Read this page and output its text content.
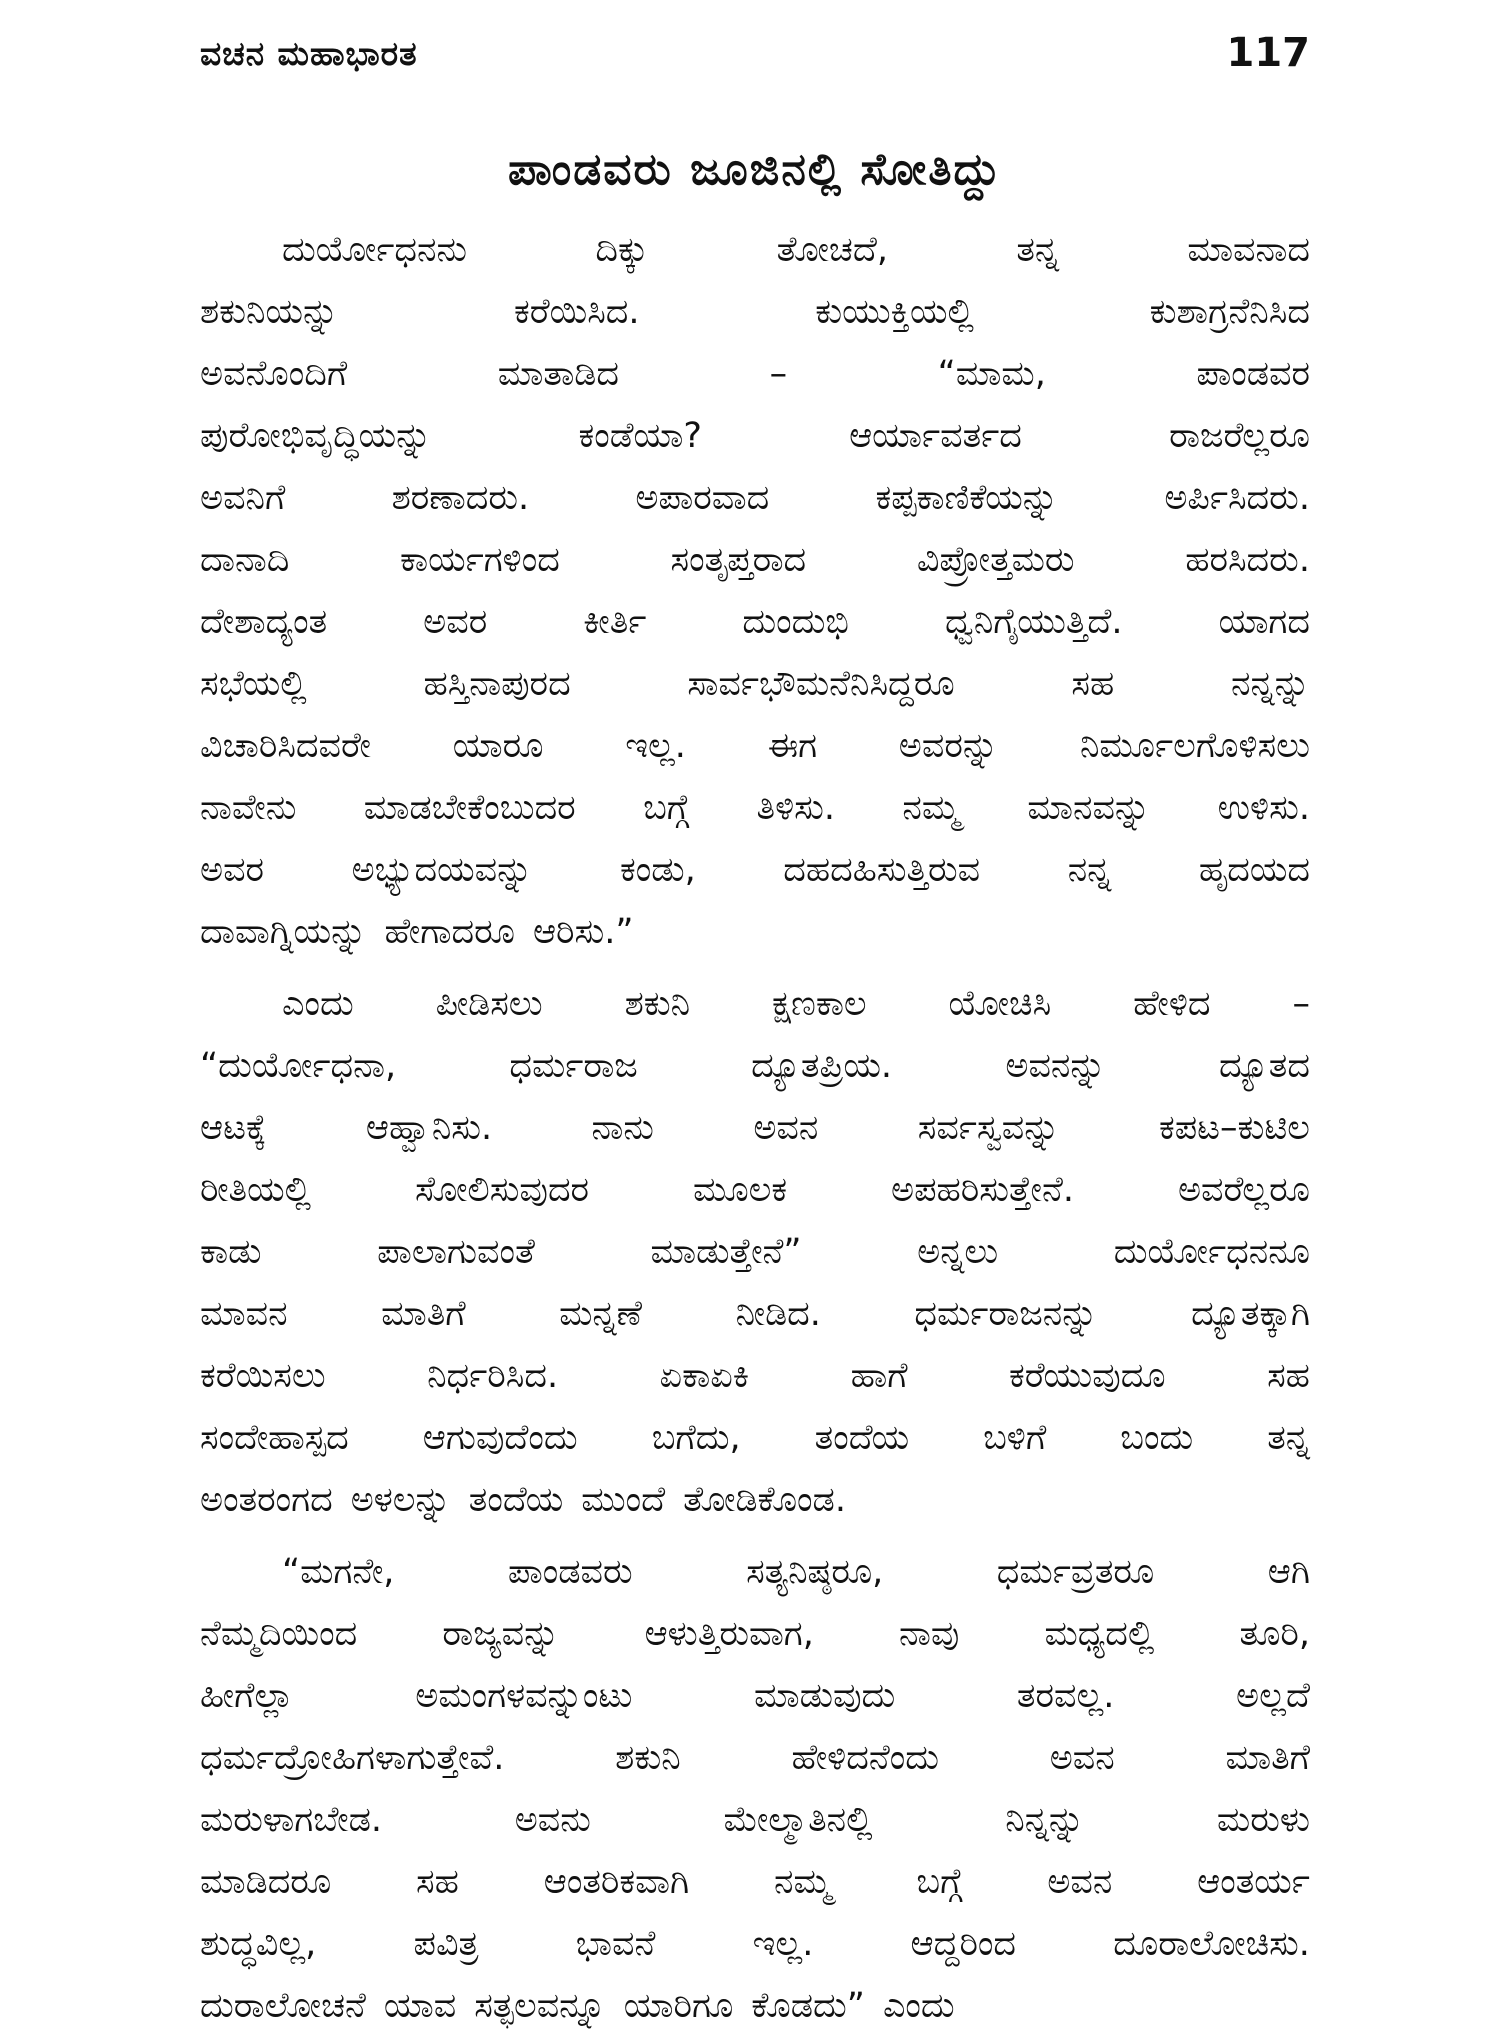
ವಚನ ಮಹಾಭಾರತ	117
ಪಾಂಡವರು ಜೂಜಿನಲ್ಲಿ ಸೋತಿದ್ದು
ದುರ್ಯೋಧನನು	ದಿಕ್ಕು	ತೋಚದೆ,	ತನ್ನ	ಮಾವನಾದ
ಶಕುನಿಯನ್ನು	ಕರೆಯಿಸಿದ.	ಕುಯುಕ್ತಿಯಲ್ಲಿ	ಕುಶಾಗ್ರನೆನಿಸಿದ
ಅವನೊಂದಿಗೆ	ಮಾತಾಡಿದ	–	“ಮಾಮ,	ಪಾಂಡವರ
ಪುರೋಭಿವೃದ್ಧಿಯನ್ನು	ಕಂಡೆಯಾ?	ಆರ್ಯಾವರ್ತದ	ರಾಜರೆಲ್ಲರೂ
ಅವನಿಗೆ	ಶರಣಾದರು.	ಅಪಾರವಾದ	ಕಪ್ಪಕಾಣಿಕೆಯನ್ನು	ಅರ್ಪಿಸಿದರು.
ದಾನಾದಿ	ಕಾರ್ಯಗಳಿಂದ	ಸಂತೃಪ್ತರಾದ	ವಿಪ್ರೋತ್ತಮರು	ಹರಸಿದರು.
ದೇಶಾದ್ಯಂತ	ಅವರ	ಕೀರ್ತಿ	ದುಂದುಭಿ	ಧ್ವನಿಗೈಯುತ್ತಿದೆ.	ಯಾಗದ
ಸಭೆಯಲ್ಲಿ	ಹಸ್ತಿನಾಪುರದ	ಸಾರ್ವಭೌಮನೆನಿಸಿದ್ದರೂ	ಸಹ	ನನ್ನನ್ನು
ವಿಚಾರಿಸಿದವರೇ ಯಾರೂ ಇಲ್ಲ. ಈಗ ಅವರನ್ನು ನಿರ್ಮೂಲಗೊಳಿಸಲು
ನಾವೇನು ಮಾಡಬೇಕೆಂಬುದರ ಬಗ್ಗೆ ತಿಳಿಸು. ನಮ್ಮ ಮಾನವನ್ನು ಉಳಿಸು.
ಅವರ	ಅಭ್ಯುದಯವನ್ನು	ಕಂಡು,	ದಹದಹಿಸುತ್ತಿರುವ	ನನ್ನ	ಹೃದಯದ
ದಾವಾಗ್ನಿಯನ್ನು ಹೇಗಾದರೂ ಆರಿಸು.”
ಎಂದು ಪೀಡಿಸಲು ಶಕುನಿ ಕ್ಷಣಕಾಲ ಯೋಚಿಸಿ ಹೇಳಿದ –
“ದುರ್ಯೋಧನಾ,	ಧರ್ಮರಾಜ	ದ್ಯೂತಪ್ರಿಯ.	ಅವನನ್ನು	ದ್ಯೂತದ
ಆಟಕ್ಕೆ	ಆಹ್ವಾನಿಸು.	ನಾನು	ಅವನ	ಸರ್ವಸ್ವವನ್ನು	ಕಪಟ–ಕುಟಿಲ
ರೀತಿಯಲ್ಲಿ	ಸೋಲಿಸುವುದರ	ಮೂಲಕ	ಅಪಹರಿಸುತ್ತೇನೆ.	ಅವರೆಲ್ಲರೂ
ಕಾಡು	ಪಾಲಾಗುವಂತೆ	ಮಾಡುತ್ತೇನೆ”	ಅನ್ನಲು	ದುರ್ಯೋಧನನೂ
ಮಾವನ	ಮಾತಿಗೆ	ಮನ್ನಣೆ	ನೀಡಿದ.	ಧರ್ಮರಾಜನನ್ನು	ದ್ಯೂತಕ್ಕಾಗಿ
ಕರೆಯಿಸಲು	ನಿರ್ಧರಿಸಿದ.	ಏಕಾಏಕಿ	ಹಾಗೆ	ಕರೆಯುವುದೂ	ಸಹ
ಸಂದೇಹಾಸ್ಪದ ಆಗುವುದೆಂದು ಬಗೆದು, ತಂದೆಯ ಬಳಿಗೆ ಬಂದು ತನ್ನ
ಅಂತರಂಗದ ಅಳಲನ್ನು ತಂದೆಯ ಮುಂದೆ ತೋಡಿಕೊಂಡ.
“ಮಗನೇ,	ಪಾಂಡವರು	ಸತ್ಯನಿಷ್ಠರೂ,	ಧರ್ಮವ್ರತರೂ	ಆಗಿ
ನೆಮ್ಮದಿಯಿಂದ ರಾಜ್ಯವನ್ನು ಆಳುತ್ತಿರುವಾಗ, ನಾವು ಮಧ್ಯದಲ್ಲಿ ತೂರಿ,
ಹೀಗೆಲ್ಲಾ	ಅಮಂಗಳವನ್ನುಂಟು	ಮಾಡುವುದು	ತರವಲ್ಲ.	ಅಲ್ಲದೆ
ಧರ್ಮದ್ರೋಹಿಗಳಾಗುತ್ತೇವೆ.	ಶಕುನಿ	ಹೇಳಿದನೆಂದು	ಅವನ	ಮಾತಿಗೆ
ಮರುಳಾಗಬೇಡ.	ಅವನು	ಮೇಲ್ಮಾತಿನಲ್ಲಿ	ನಿನ್ನನ್ನು	ಮರುಳು
ಮಾಡಿದರೂ ಸಹ ಆಂತರಿಕವಾಗಿ ನಮ್ಮ ಬಗ್ಗೆ ಅವನ ಆಂತರ್ಯ
ಶುದ್ಧವಿಲ್ಲ,	ಪವಿತ್ರ	ಭಾವನೆ	ಇಲ್ಲ.	ಆದ್ದರಿಂದ	ದೂರಾಲೋಚಿಸು.
ದುರಾಲೋಚನೆ ಯಾವ ಸತ್ಫಲವನ್ನೂ ಯಾರಿಗೂ ಕೊಡದು” ಎಂದು
